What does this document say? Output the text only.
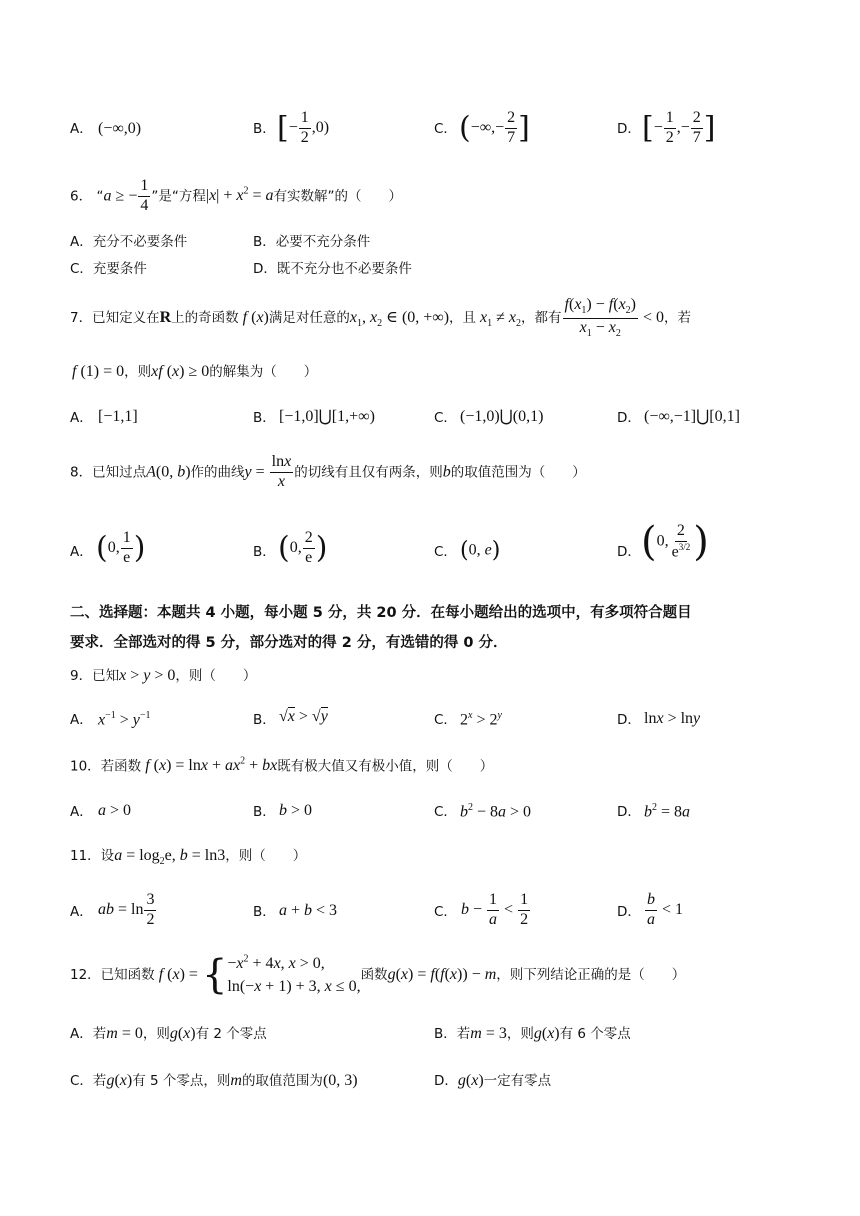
A． (−∞,0)	B． [− $\frac{1}{2} ,0$)	C． (−∞,− $\frac{2}{7}$ ]	D． [− $\frac{1}{2}$ ,− $\frac{2}{7}$ ]
6． “a ≥ − $\frac{1}{4}$ ”是“方程$|x| + x^2 = a$有实数解”的（　　）
A．充分不必要条件	B．必要不充分条件
C．充要条件	D．既不充分也不必要条件
7．已知定义在R上的奇函数 f (x)满足对任意的$x_1$, $x_2$ ∈ (0, +∞)，且 $x_1 \ne x_2$，都有 $\frac{f(x_1) - f(x_2)}{x_1 - x_2} < 0$，若
f (1) = 0，则xf (x) ≥ 0的解集为（　　）
A． [−1,1]	B． [−1,0]⋃[1,+∞)	C． (−1,0)⋃(0,1)	D． (−∞,−1]⋃[0,1]
8．已知过点A(0, b)作的曲线$y = \frac{\ln x}{x}$ 的切线有且仅有两条，则b的取值范围为（　　）
A． (0, $\frac{1}{e}$ )	B． (0, $\frac{2}{e}$ )	C． (0, e)	D． (0, $\frac{2}{e^{3/2}}$ )
二、选择题：本题共 4 小题，每小题 5 分，共 20 分．在每小题给出的选项中，有多项符合题目
要求．全部选对的得 5 分，部分选对的得 2 分，有选错的得 0 分．
9．已知x > y > 0，则（　　）
A． $x^{-1} > y^{-1}$	B． √x > √y	C． $2^x > 2^y$	D． lnx > lny
10．若函数 f $(x) = \ln x + ax^2$ + bx既有极大值又有极小值，则（　　）
A． a > 0	B． b > 0	C． $b^2 - 8a > 0$	D． $b^2 = 8a$
11．设$a = \log_2e$, b = ln3，则（　　）
A． ab = $\ln \frac{3}{2}$	B． a + b < 3	C． $b - \frac{1}{a} < \frac{1}{2}$	D． $\frac{b}{a} < 1$
12．已知函数 f (x) = { $-x^2 + 4x$, x > 0,
ln(−x + 1) + 3, x ≤ 0,
函数g(x) = f(f(x)) − m，则下列结论正确的是（　　）
A．若m = 0，则g(x)有 2 个零点	B．若m = 3，则g(x)有 6 个零点
C．若g(x)有 5 个零点，则m的取值范围为(0, 3)	D．g(x)一定有零点
